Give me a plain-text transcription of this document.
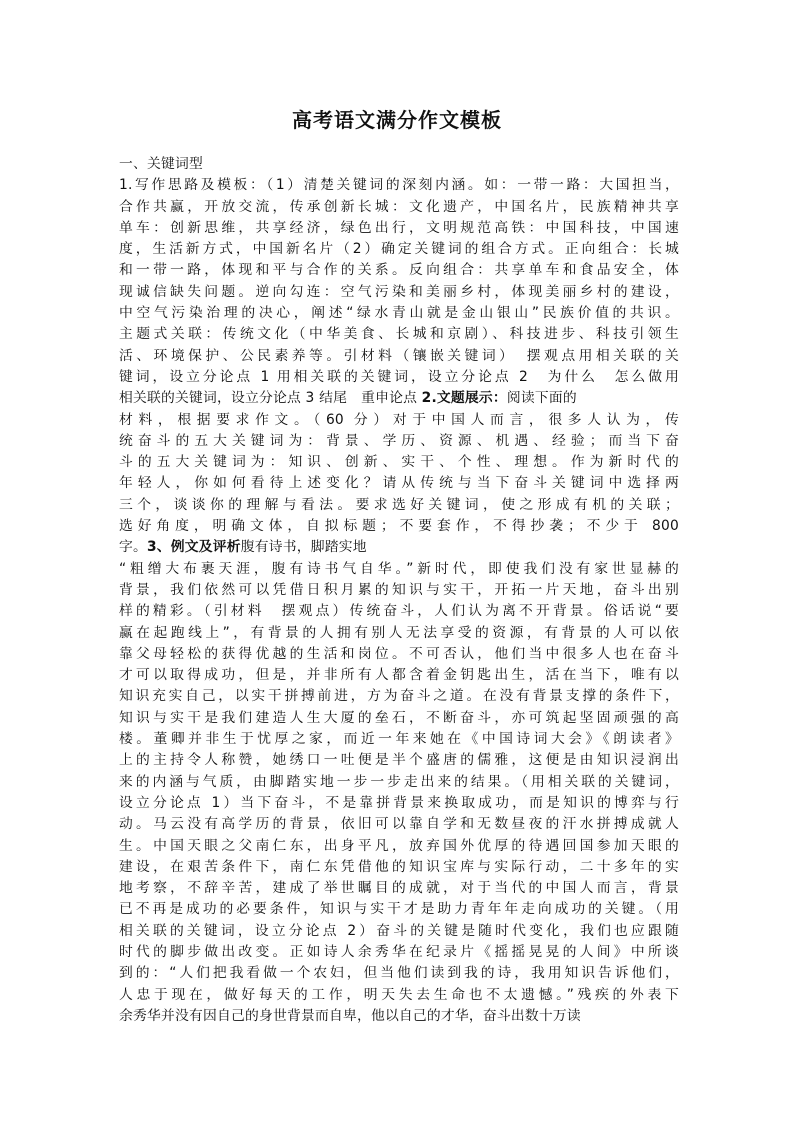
高考语文满分作文模板
一、关键词型
1.写作思路及模板：（1）清楚关键词的深刻内涵。如：一带一路：大国担当，
合作共赢，开放交流，传承创新长城：文化遗产，中国名片，民族精神共享
单车：创新思维，共享经济，绿色出行，文明规范高铁：中国科技，中国速
度，生活新方式，中国新名片（2）确定关键词的组合方式。正向组合：长城
和一带一路，体现和平与合作的关系。反向组合：共享单车和食品安全，体
现诚信缺失问题。逆向勾连：空气污染和美丽乡村，体现美丽乡村的建设，
中空气污染治理的决心，阐述“绿水青山就是金山银山”民族价值的共识。
主题式关联：传统文化（中华美食、长城和京剧）、科技进步、科技引领生
活、环境保护、公民素养等。引材料（镶嵌关键词）　摆观点用相关联的关
键词，设立分论点 1 用相关联的关键词，设立分论点 2　为什么　怎么做用
相关联的关键词，设立分论点 3 结尾　重申论点 2.文题展示：阅读下面的
材料，根据要求作文。（60 分）对于中国人而言，很多人认为，传
统奋斗的五大关键词为：背景、学历、资源、机遇、经验；而当下奋
斗的五大关键词为：知识、创新、实干、个性、理想。作为新时代的
年轻人，你如何看待上述变化？请从传统与当下奋斗关键词中选择两
三个，谈谈你的理解与看法。要求选好关键词，使之形成有机的关联；
选好角度，明确文体，自拟标题；不要套作，不得抄袭；不少于 800
字。3、例文及评析腹有诗书，脚踏实地
“粗缯大布裹天涯，腹有诗书气自华。”新时代，即使我们没有家世显赫的
背景，我们依然可以凭借日积月累的知识与实干，开拓一片天地，奋斗出别
样的精彩。（引材料　摆观点）传统奋斗，人们认为离不开背景。俗话说“要
赢在起跑线上”，有背景的人拥有别人无法享受的资源，有背景的人可以依
靠父母轻松的获得优越的生活和岗位。不可否认，他们当中很多人也在奋斗
才可以取得成功，但是，并非所有人都含着金钥匙出生，活在当下，唯有以
知识充实自己，以实干拼搏前进，方为奋斗之道。在没有背景支撑的条件下，
知识与实干是我们建造人生大厦的垒石，不断奋斗，亦可筑起坚固顽强的高
楼。董卿并非生于忧厚之家，而近一年来她在《中国诗词大会》《朗读者》
上的主持令人称赞，她绣口一吐便是半个盛唐的儒雅，这便是由知识浸润出
来的内涵与气质，由脚踏实地一步一步走出来的结果。（用相关联的关键词，
设立分论点 1）当下奋斗，不是靠拼背景来换取成功，而是知识的博弈与行
动。马云没有高学历的背景，依旧可以靠自学和无数昼夜的汗水拼搏成就人
生。中国天眼之父南仁东，出身平凡，放弃国外优厚的待遇回国参加天眼的
建设，在艰苦条件下，南仁东凭借他的知识宝库与实际行动，二十多年的实
地考察，不辞辛苦，建成了举世瞩目的成就，对于当代的中国人而言，背景
已不再是成功的必要条件，知识与实干才是助力青年年走向成功的关键。（用
相关联的关键词，设立分论点 2）奋斗的关键是随时代变化，我们也应跟随
时代的脚步做出改变。正如诗人余秀华在纪录片《摇摇晃晃的人间》中所谈
到的：“人们把我看做一个农妇，但当他们读到我的诗，我用知识告诉他们，
人忠于现在，做好每天的工作，明天失去生命也不太遗憾。”残疾的外表下
余秀华并没有因自己的身世背景而自卑，他以自己的才华，奋斗出数十万读
